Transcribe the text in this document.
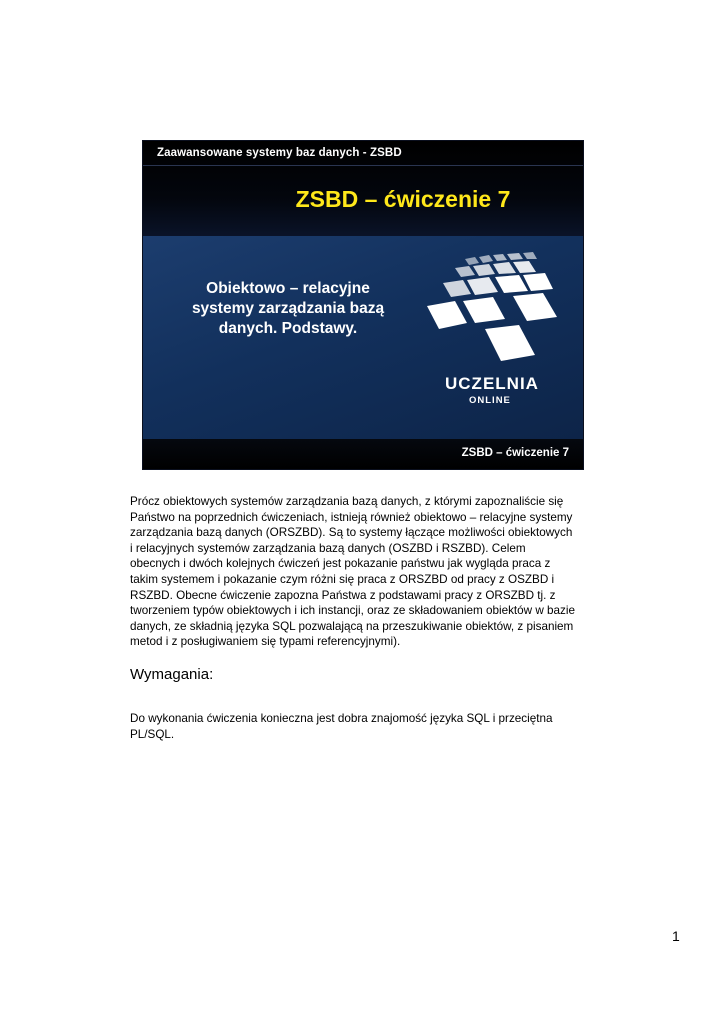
Zaawansowane systemy baz danych - ZSBD
ZSBD – ćwiczenie 7
Obiektowo – relacyjne
systemy zarządzania bazą
danych. Podstawy.
UCZELNIA
ONLINE
ZSBD – ćwiczenie 7
Prócz obiektowych systemów zarządzania bazą danych, z którymi zapoznaliście się
Państwo na poprzednich ćwiczeniach, istnieją również obiektowo – relacyjne systemy
zarządzania bazą danych (ORSZBD). Są to systemy łączące możliwości obiektowych
i relacyjnych systemów zarządzania bazą danych (OSZBD i RSZBD). Celem
obecnych i dwóch kolejnych ćwiczeń jest pokazanie państwu jak wygląda praca z
takim systemem i pokazanie czym różni się praca z ORSZBD od pracy z OSZBD i
RSZBD. Obecne ćwiczenie zapozna Państwa z podstawami pracy z ORSZBD tj. z
tworzeniem typów obiektowych i ich instancji, oraz ze składowaniem obiektów w bazie
danych, ze składnią języka SQL pozwalającą na przeszukiwanie obiektów, z pisaniem
metod i z posługiwaniem się typami referencyjnymi).
Wymagania:
Do wykonania ćwiczenia konieczna jest dobra znajomość języka SQL i przeciętna
PL/SQL.
1
